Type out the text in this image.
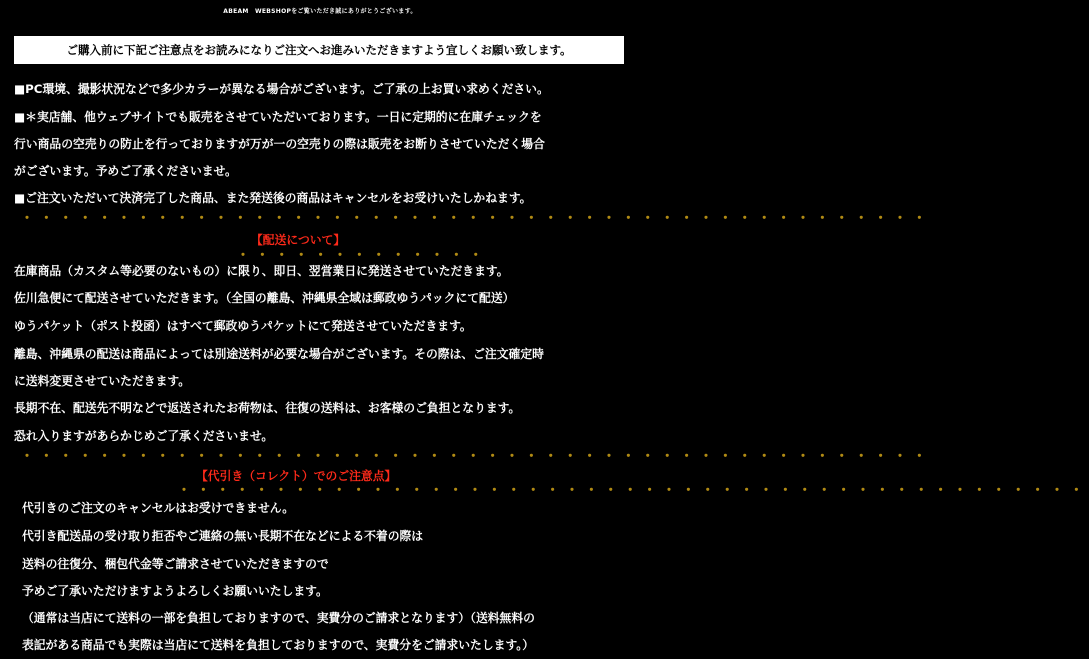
ABEAM　WEBSHOPをご覧いただき誠にありがとうございます。
ご購入前に下記ご注意点をお読みになりご注文へお進みいただきますよう宜しくお願い致します。
■PC環境、撮影状況などで多少カラーが異なる場合がございます。ご了承の上お買い求めください。
■＊実店舗、他ウェブサイトでも販売をさせていただいております。一日に定期的に在庫チェックを
行い商品の空売りの防止を行っておりますが万が一の空売りの際は販売をお断りさせていただく場合
がございます。予めご了承くださいませ。
■ご注文いただいて決済完了した商品、また発送後の商品はキャンセルをお受けいたしかねます。
・・・・・・・・・・・・・・・・・・・・・・・・・・・・・・・・・・・・・・・・・・・・・・・
【配送について】
・・・・・・・・・・・・・
在庫商品（カスタム等必要のないもの）に限り、即日、翌営業日に発送させていただきます。
佐川急便にて配送させていただきます。（全国の離島、沖縄県全域は郵政ゆうパックにて配送）
ゆうパケット（ポスト投函）はすべて郵政ゆうパケットにて発送させていただきます。
離島、沖縄県の配送は商品によっては別途送料が必要な場合がございます。その際は、ご注文確定時
に送料変更させていただきます。
長期不在、配送先不明などで返送されたお荷物は、往復の送料は、お客様のご負担となります。
恐れ入りますがあらかじめご了承くださいませ。
・・・・・・・・・・・・・・・・・・・・・・・・・・・・・・・・・・・・・・・・・・・・・・・
【代引き（コレクト）でのご注意点】
・・・・・・・・・・・・・・・・・・・・・・・・・・・・・・・・・・・・・・・・・・・・・・・
代引きのご注文のキャンセルはお受けできません。
代引き配送品の受け取り拒否やご連絡の無い長期不在などによる不着の際は
送料の往復分、梱包代金等ご請求させていただきますので
予めご了承いただけますようよろしくお願いいたします。
（通常は当店にて送料の一部を負担しておりますので、実費分のご請求となります）（送料無料の
表記がある商品でも実際は当店にて送料を負担しておりますので、実費分をご請求いたします。）
